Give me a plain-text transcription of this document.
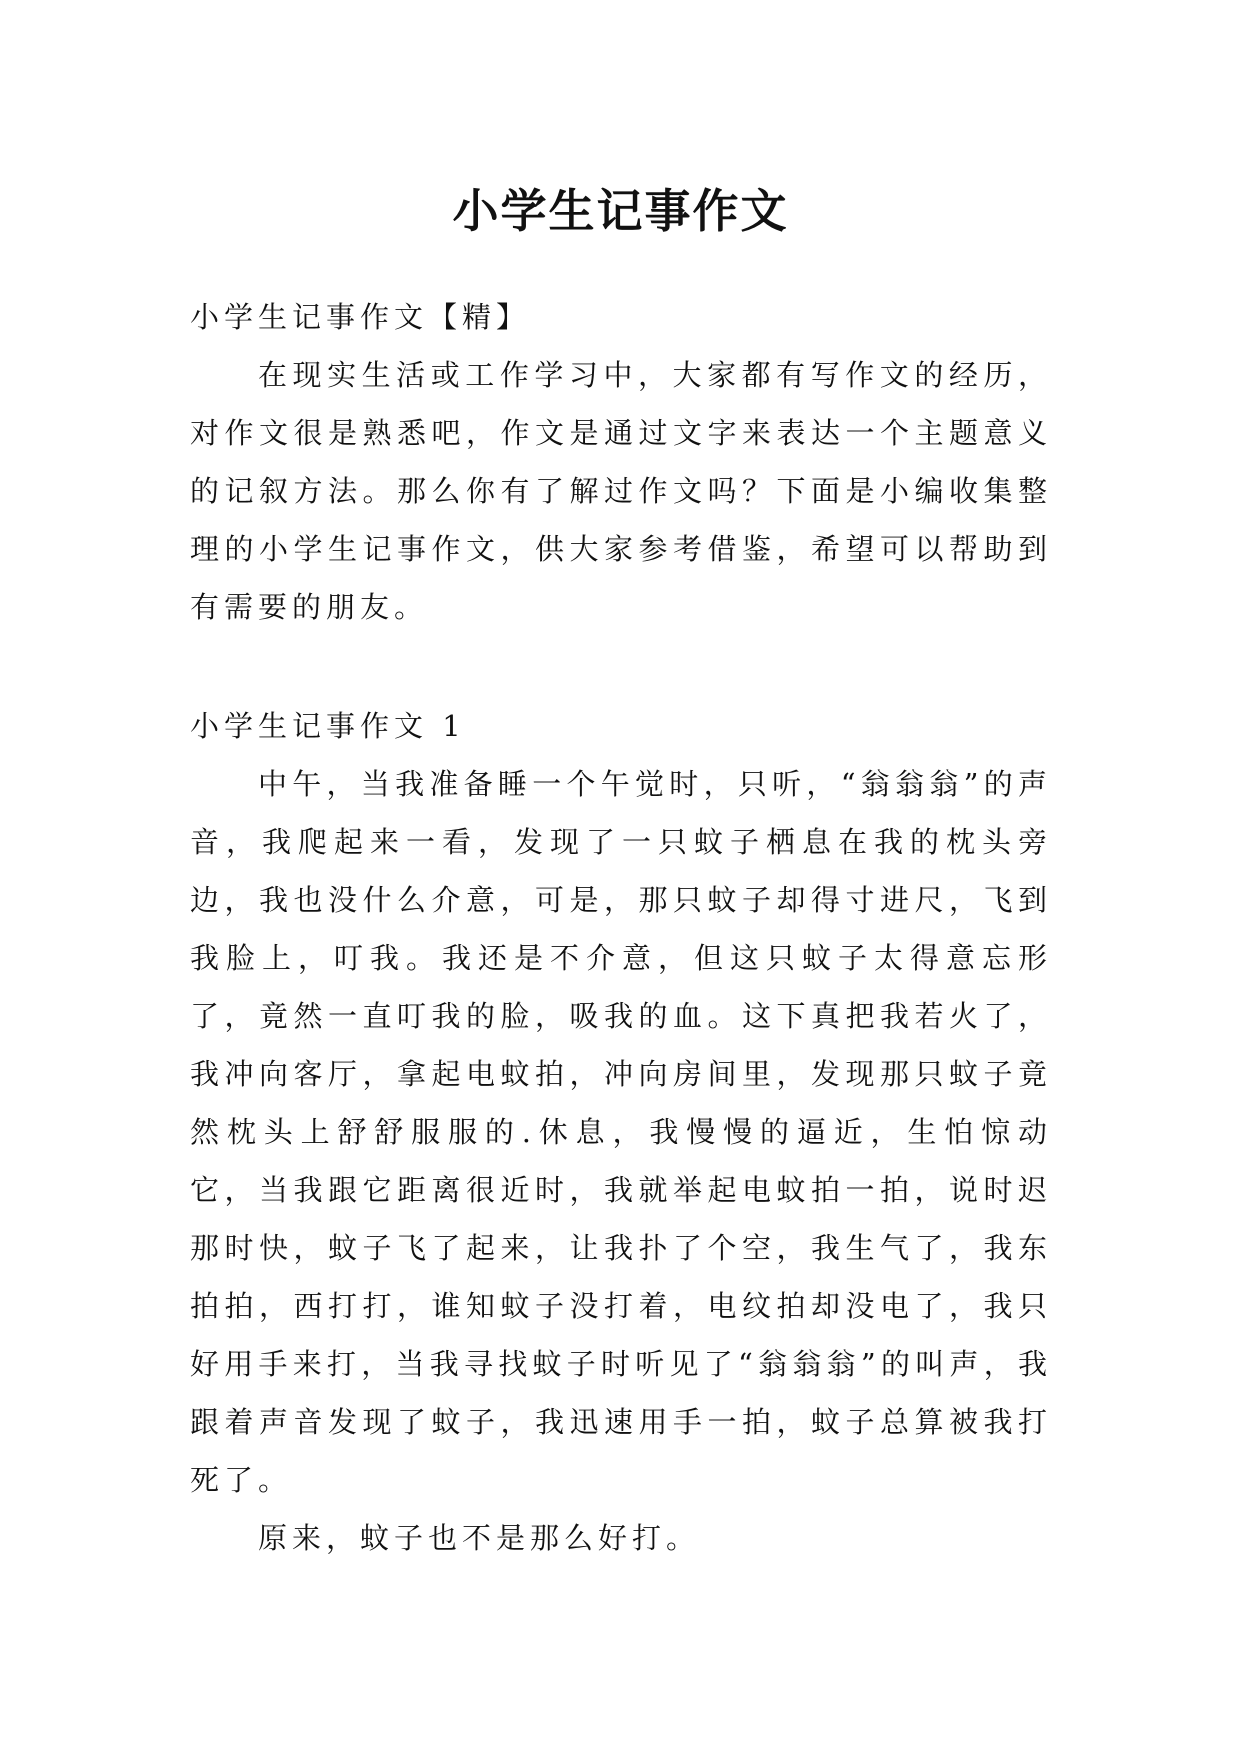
小学生记事作文

小学生记事作文【精】

在现实生活或工作学习中，大家都有写作文的经历，对作文很是熟悉吧，作文是通过文字来表达一个主题意义的记叙方法。那么你有了解过作文吗？下面是小编收集整理的小学生记事作文，供大家参考借鉴，希望可以帮助到有需要的朋友。

小学生记事作文 1

中午，当我准备睡一个午觉时，只听，“翁翁翁”的声音，我爬起来一看，发现了一只蚊子栖息在我的枕头旁边，我也没什么介意，可是，那只蚊子却得寸进尺，飞到我脸上，叮我。我还是不介意，但这只蚊子太得意忘形了，竟然一直叮我的脸，吸我的血。这下真把我若火了，我冲向客厅，拿起电蚊拍，冲向房间里，发现那只蚊子竟然枕头上舒舒服服的.休息，我慢慢的逼近，生怕惊动它，当我跟它距离很近时，我就举起电蚊拍一拍，说时迟那时快，蚊子飞了起来，让我扑了个空，我生气了，我东拍拍，西打打，谁知蚊子没打着，电纹拍却没电了，我只好用手来打，当我寻找蚊子时听见了“翁翁翁”的叫声，我跟着声音发现了蚊子，我迅速用手一拍，蚊子总算被我打死了。

原来，蚊子也不是那么好打。
